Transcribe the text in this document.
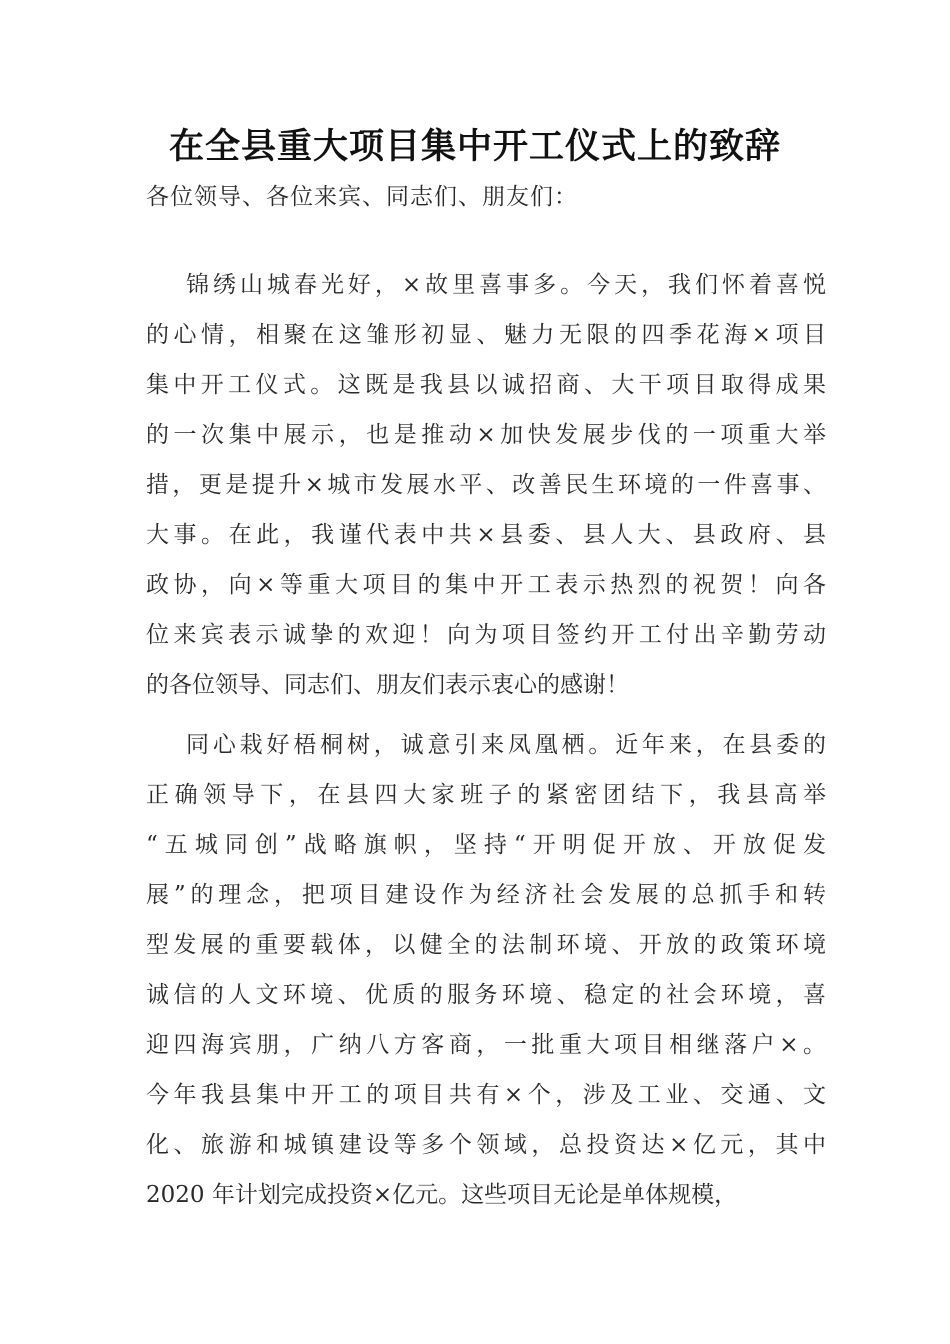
在全县重大项目集中开工仪式上的致辞
各位领导、各位来宾、同志们、朋友们：
锦绣山城春光好，×故里喜事多。今天，我们怀着喜悦
的心情，相聚在这雏形初显、魅力无限的四季花海×项目
集中开工仪式。这既是我县以诚招商、大干项目取得成果
的一次集中展示，也是推动×加快发展步伐的一项重大举
措，更是提升×城市发展水平、改善民生环境的一件喜事、
大事。在此，我谨代表中共×县委、县人大、县政府、县
政协，向×等重大项目的集中开工表示热烈的祝贺！向各
位来宾表示诚挚的欢迎！向为项目签约开工付出辛勤劳动
的各位领导、同志们、朋友们表示衷心的感谢！
同心栽好梧桐树，诚意引来凤凰栖。近年来，在县委的
正确领导下，在县四大家班子的紧密团结下，我县高举
“五城同创”战略旗帜，坚持“开明促开放、开放促发
展”的理念，把项目建设作为经济社会发展的总抓手和转
型发展的重要载体，以健全的法制环境、开放的政策环境
诚信的人文环境、优质的服务环境、稳定的社会环境，喜
迎四海宾朋，广纳八方客商，一批重大项目相继落户×。
今年我县集中开工的项目共有×个，涉及工业、交通、文
化、旅游和城镇建设等多个领域，总投资达×亿元，其中
2020 年计划完成投资×亿元。这些项目无论是单体规模，
